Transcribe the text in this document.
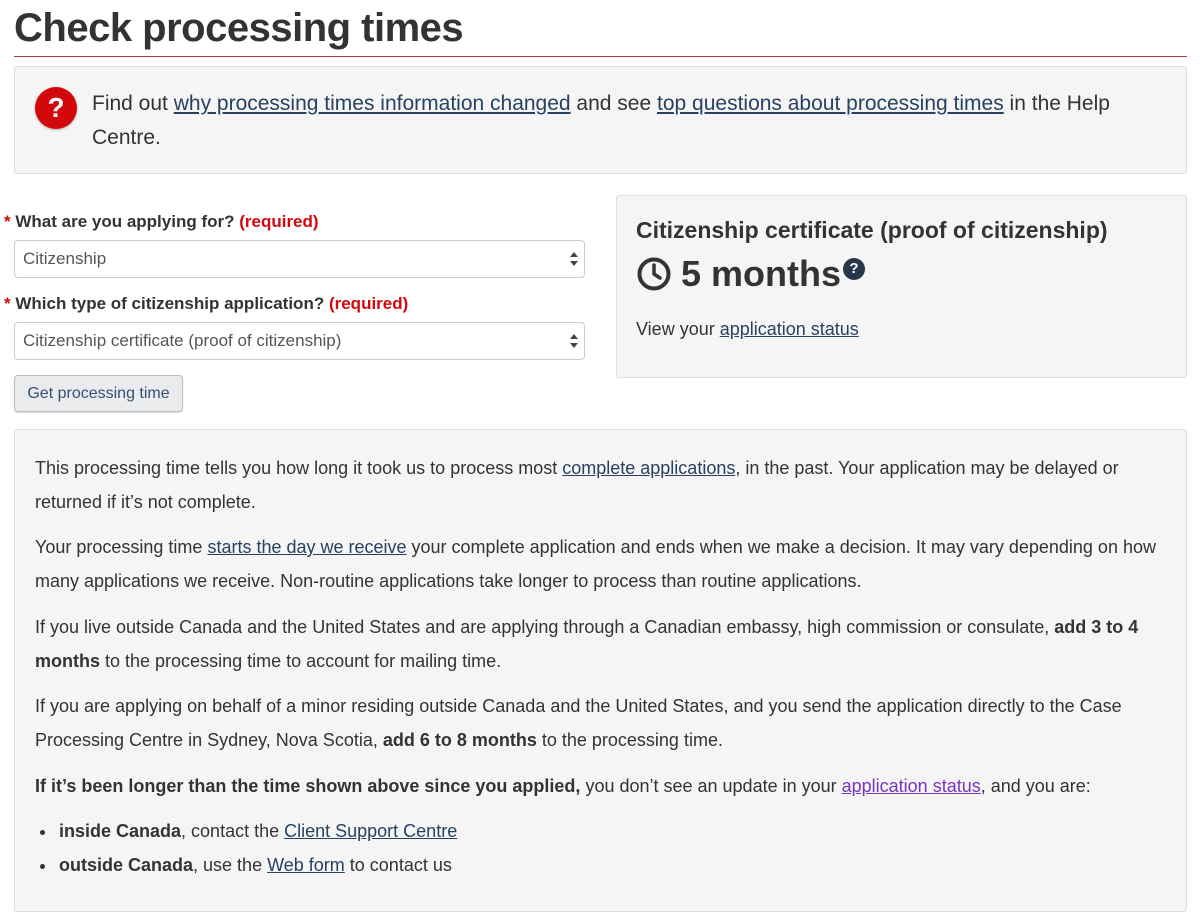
Check processing times
?	Find out why processing times information changed and see top questions about processing times in the Help Centre.
* What are you applying for? (required)
Citizenship
* Which type of citizenship application? (required)
Citizenship certificate (proof of citizenship)
Get processing time
Citizenship certificate (proof of citizenship)
5 months ?
View your application status

This processing time tells you how long it took us to process most complete applications, in the past. Your application may be delayed or returned if it’s not complete.

Your processing time starts the day we receive your complete application and ends when we make a decision. It may vary depending on how many applications we receive. Non-routine applications take longer to process than routine applications.

If you live outside Canada and the United States and are applying through a Canadian embassy, high commission or consulate, add 3 to 4 months to the processing time to account for mailing time.

If you are applying on behalf of a minor residing outside Canada and the United States, and you send the application directly to the Case Processing Centre in Sydney, Nova Scotia, add 6 to 8 months to the processing time.

If it’s been longer than the time shown above since you applied, you don’t see an update in your application status, and you are:

• inside Canada, contact the Client Support Centre
• outside Canada, use the Web form to contact us
